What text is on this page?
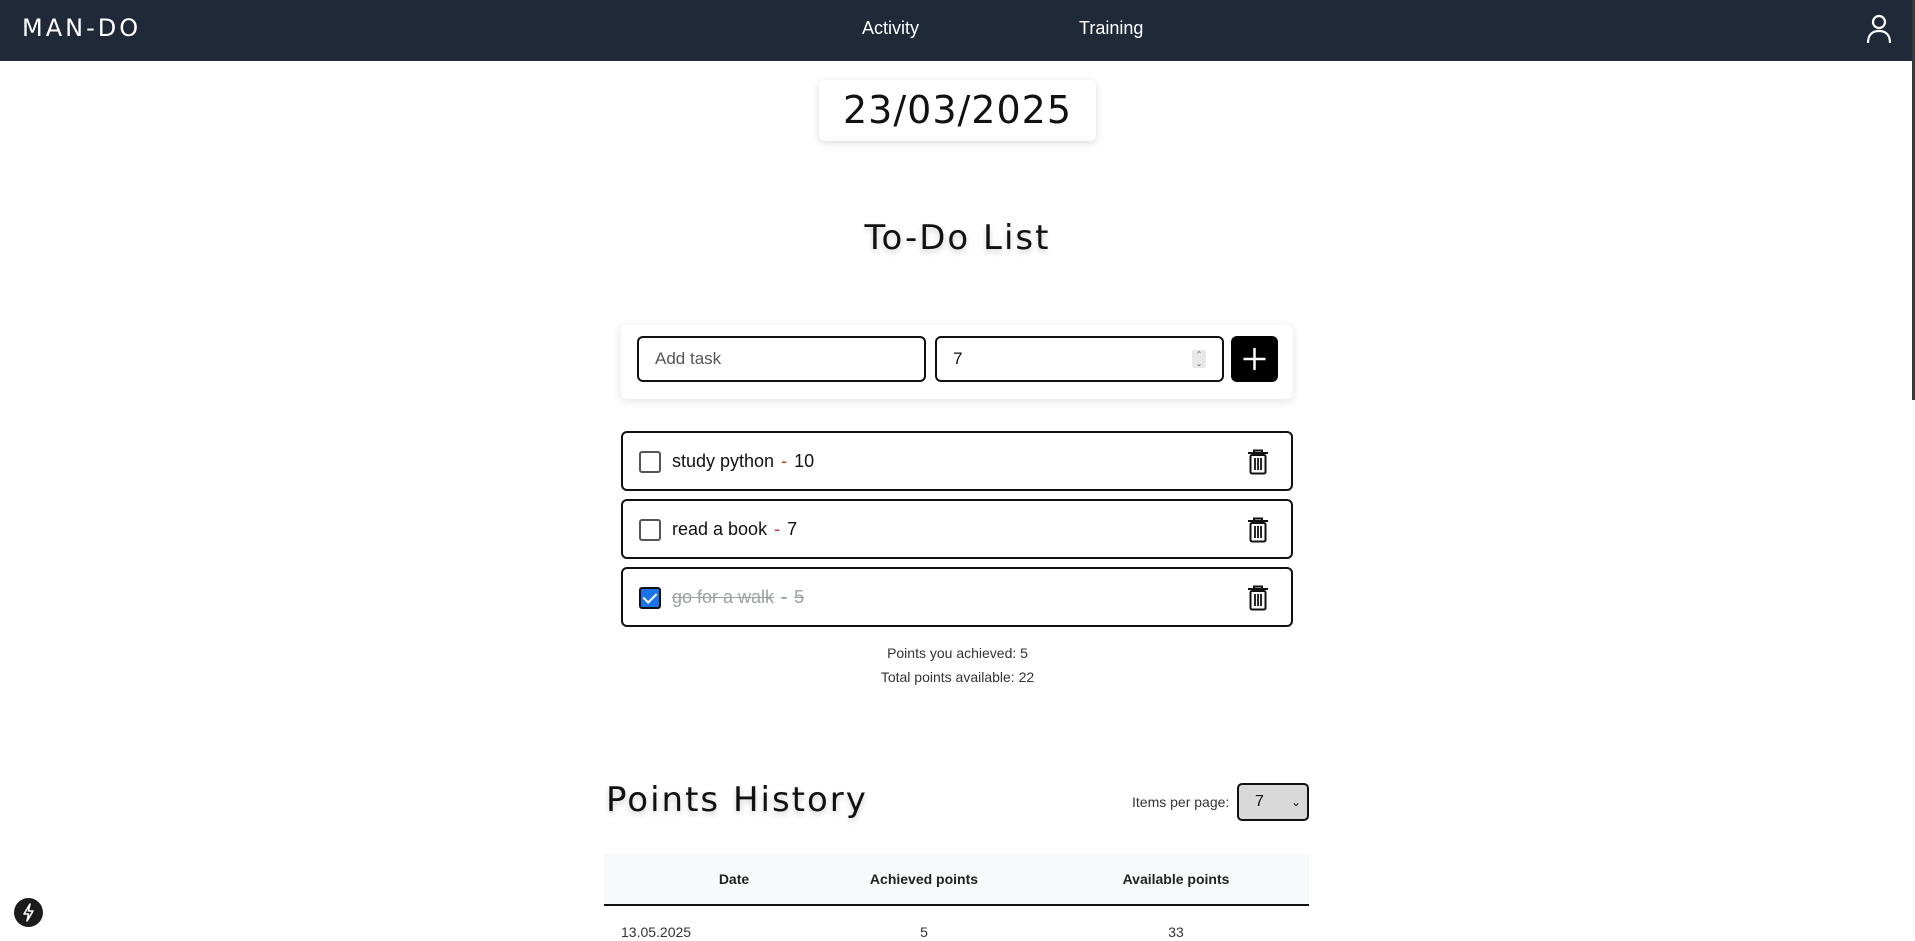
MAN-DO	Activity	Training
23/03/2025
To-Do List
Add task
7	⌃
⌄
study python - 10
read a book - 7
go for a walk - 5
Points you achieved: 5
Total points available: 22
Points History	Items per page:	7 ⌄
Date	Achieved points	Available points
13.05.2025	5	33
